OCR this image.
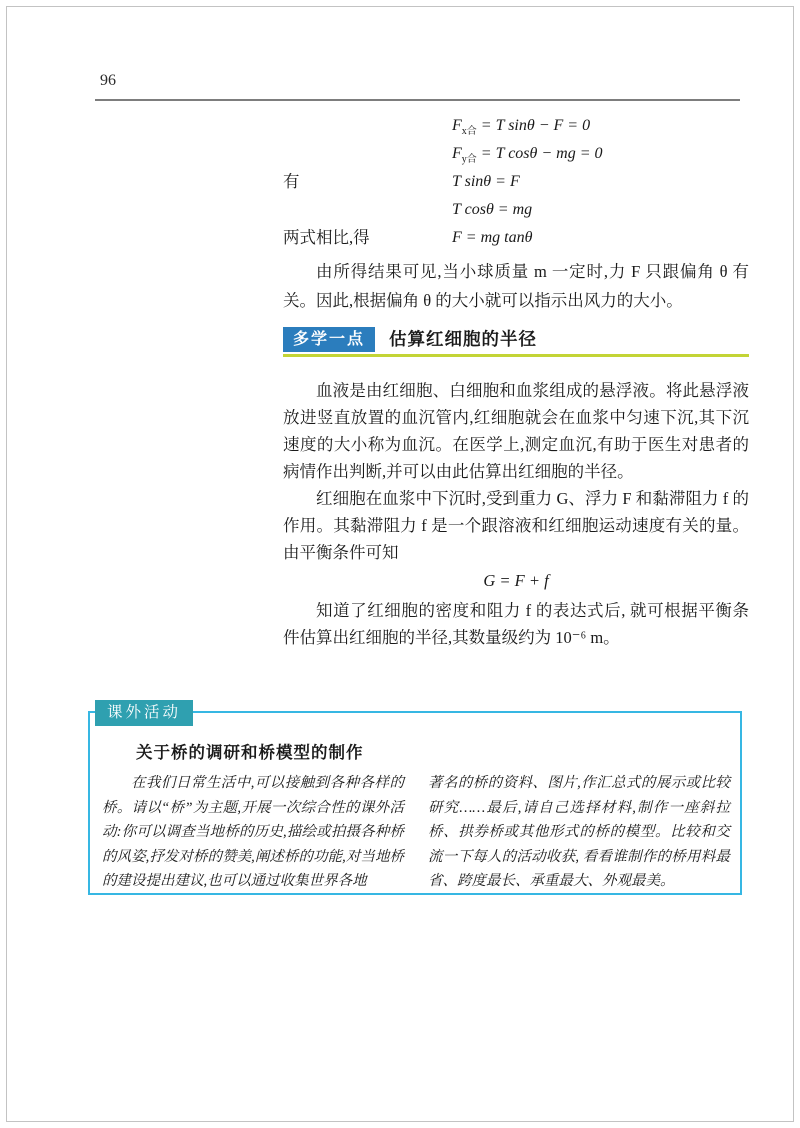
96
$F_{x合} = T$ sinθ − F = 0
$F_{y合} = T$ cosθ − mg = 0
有	T sinθ = F
T cosθ = mg
两式相比,得	F = mg tanθ

由所得结果可见,当小球质量 m 一定时,力 F 只跟偏角 θ 有关。因此,根据偏角 θ 的大小就可以指示出风力的大小。

多学一点	估算红细胞的半径

血液是由红细胞、白细胞和血浆组成的悬浮液。将此悬浮液放进竖直放置的血沉管内,红细胞就会在血浆中匀速下沉,其下沉速度的大小称为血沉。在医学上,测定血沉,有助于医生对患者的病情作出判断,并可以由此估算出红细胞的半径。

红细胞在血浆中下沉时,受到重力 G、浮力 F 和黏滞阻力 f 的作用。其黏滞阻力 f 是一个跟溶液和红细胞运动速度有关的量。由平衡条件可知

G = F + f

知道了红细胞的密度和阻力 f 的表达式后, 就可根据平衡条件估算出红细胞的半径,其数量级约为 10⁻⁶ m。

课外活动
关于桥的调研和桥模型的制作

在我们日常生活中,可以接触到各种各样的桥。请以“桥”为主题,开展一次综合性的课外活动:你可以调查当地桥的历史,描绘或拍摄各种桥的风姿,抒发对桥的赞美,阐述桥的功能,对当地桥的建设提出建议,也可以通过收集世界各地

著名的桥的资料、图片,作汇总式的展示或比较研究……最后,请自己选择材料,制作一座斜拉桥、拱券桥或其他形式的桥的模型。比较和交流一下每人的活动收获, 看看谁制作的桥用料最省、跨度最长、承重最大、外观最美。
